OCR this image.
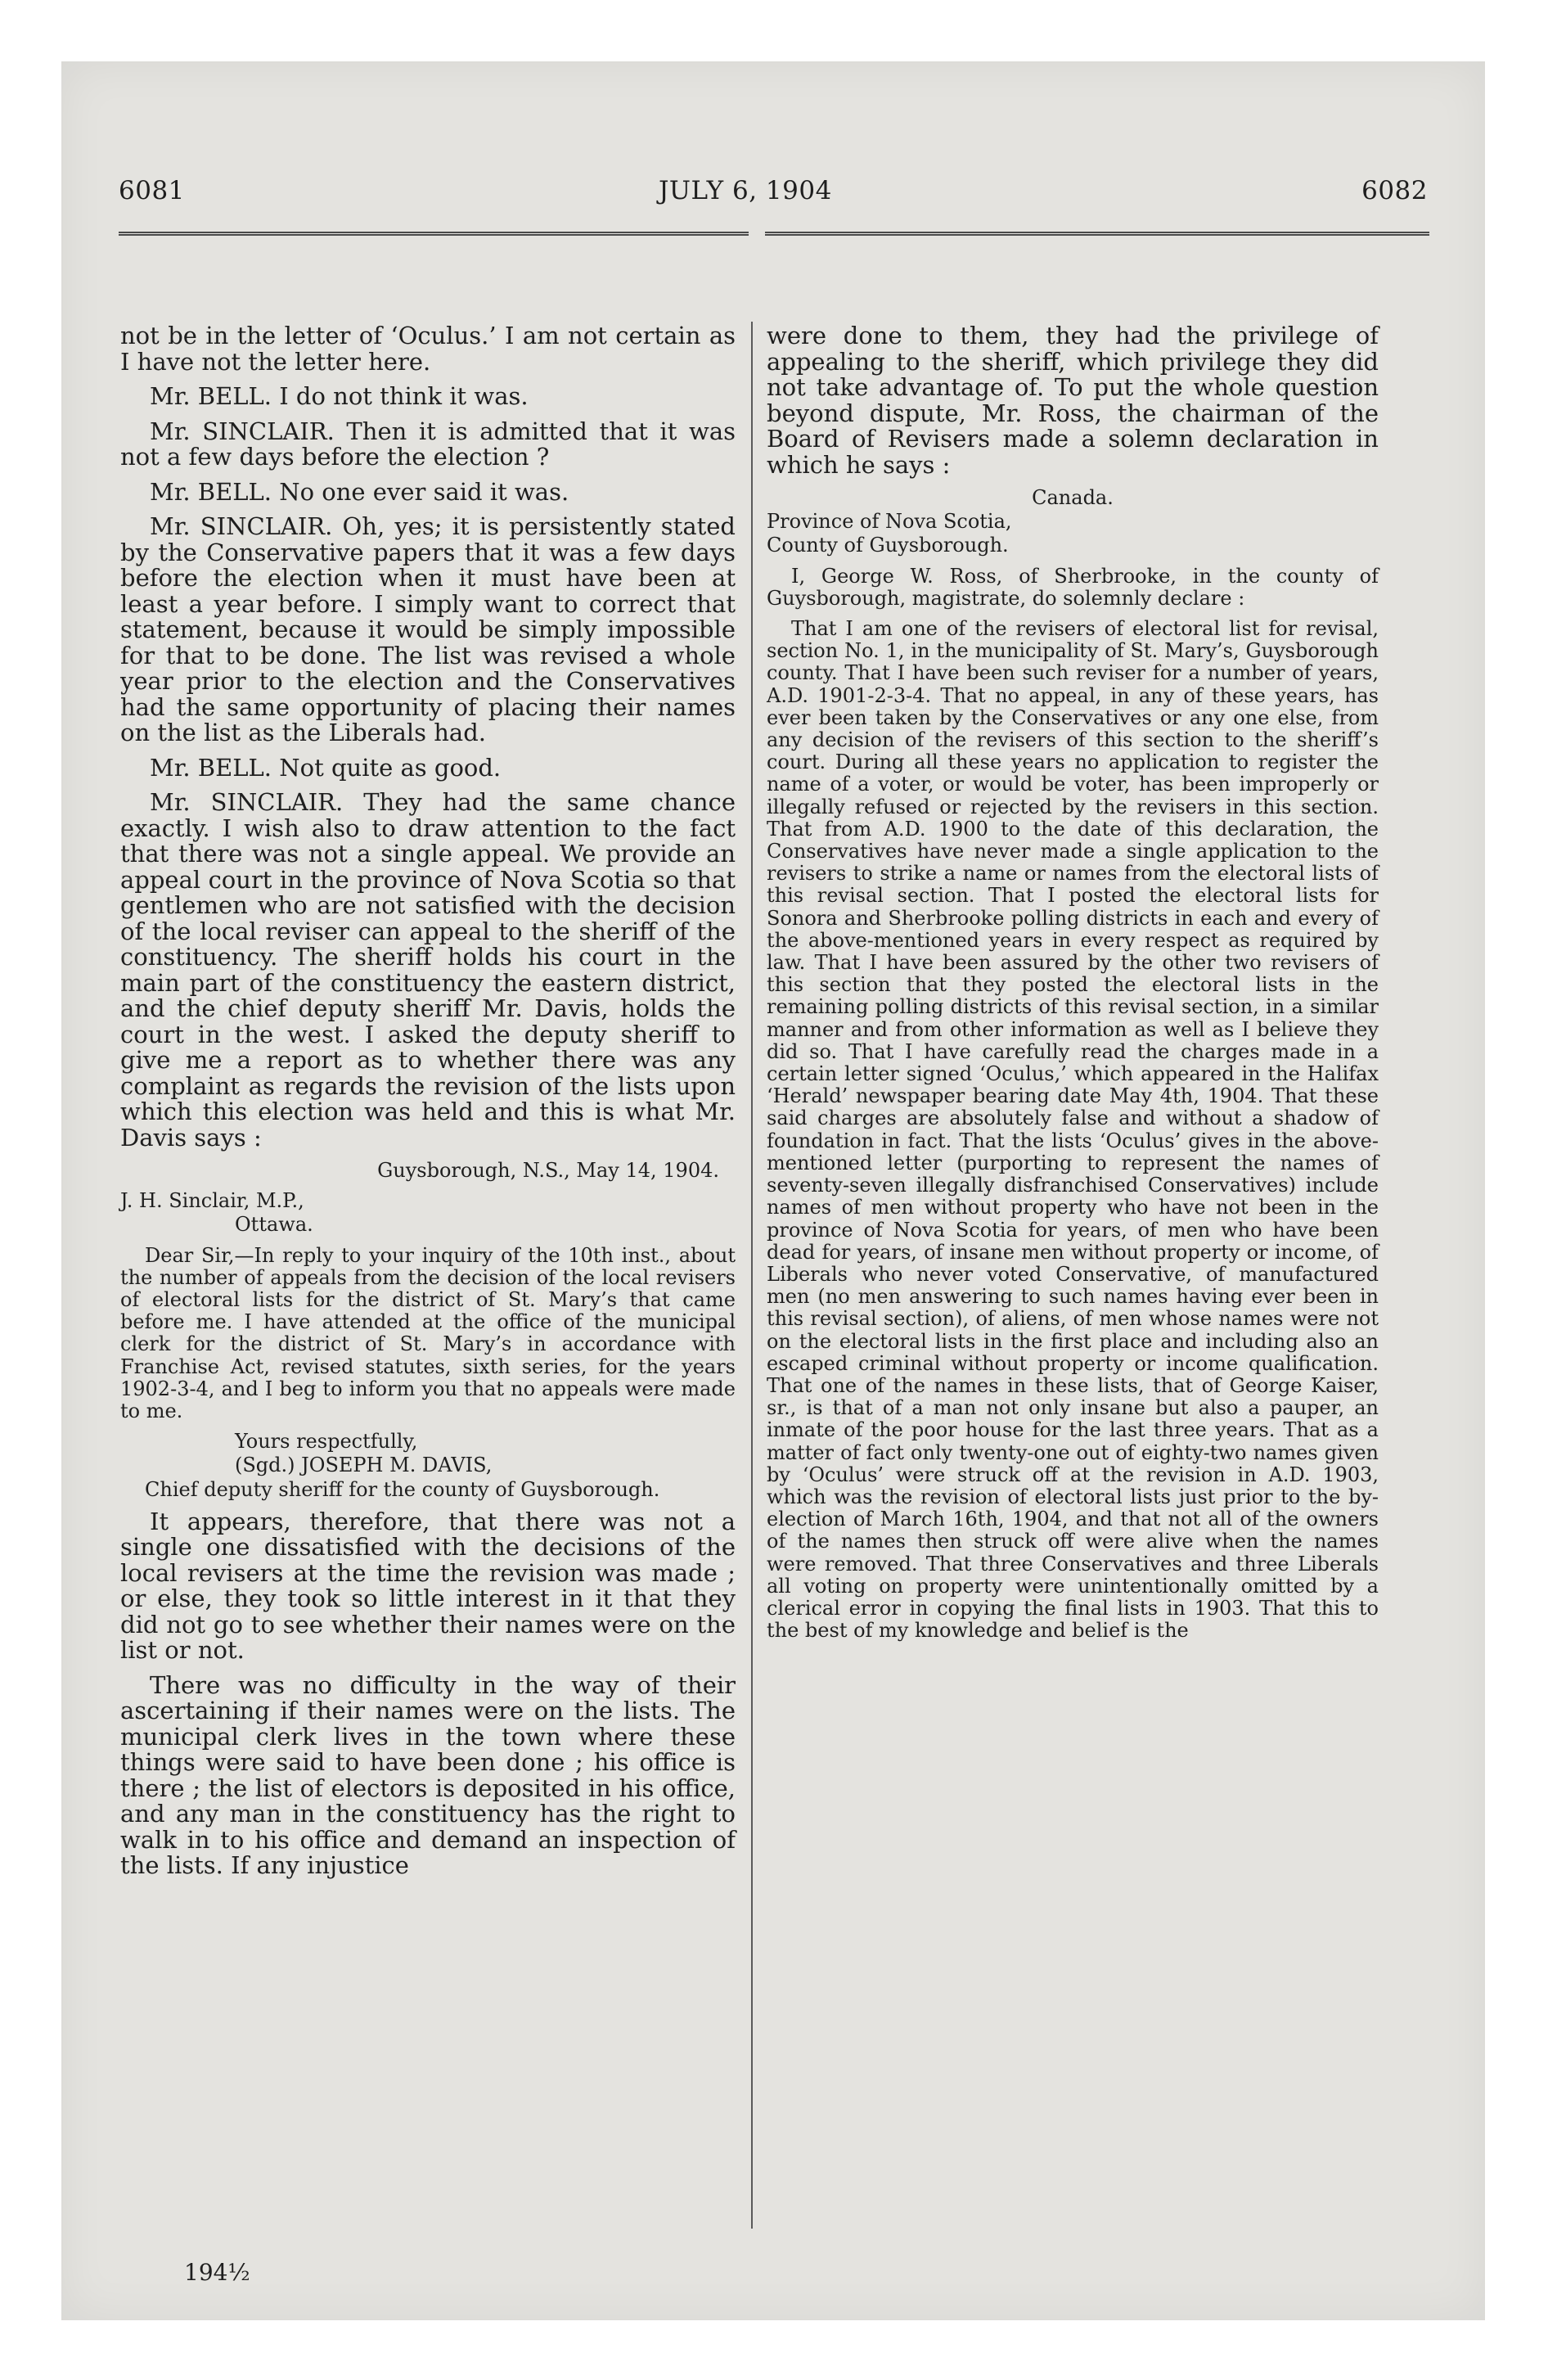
6081	JULY 6, 1904	6082

not be in the letter of ‘Oculus.’ I am not certain as I have not the letter here.

Mr. BELL. I do not think it was.

Mr. SINCLAIR. Then it is admitted that it was not a few days before the election ?

Mr. BELL. No one ever said it was.

Mr. SINCLAIR. Oh, yes; it is persistently stated by the Conservative papers that it was a few days before the election when it must have been at least a year before. I simply want to correct that statement, because it would be simply impossible for that to be done. The list was revised a whole year prior to the election and the Conservatives had the same opportunity of placing their names on the list as the Liberals had.

Mr. BELL. Not quite as good.

Mr. SINCLAIR. They had the same chance exactly. I wish also to draw attention to the fact that there was not a single appeal. We provide an appeal court in the province of Nova Scotia so that gentlemen who are not satisfied with the decision of the local reviser can appeal to the sheriff of the constituency. The sheriff holds his court in the main part of the constituency the eastern district, and the chief deputy sheriff Mr. Davis, holds the court in the west. I asked the deputy sheriff to give me a report as to whether there was any complaint as regards the revision of the lists upon which this election was held and this is what Mr. Davis says :

Guysborough, N.S., May 14, 1904.

J. H. Sinclair, M.P.,

Ottawa.

Dear Sir,—In reply to your inquiry of the 10th inst., about the number of appeals from the decision of the local revisers of electoral lists for the district of St. Mary’s that came before me. I have attended at the office of the municipal clerk for the district of St. Mary’s in accordance with Franchise Act, revised statutes, sixth series, for the years 1902-3-4, and I beg to inform you that no appeals were made to me.

Yours respectfully,

(Sgd.) JOSEPH M. DAVIS,

Chief deputy sheriff for the county of Guysborough.

It appears, therefore, that there was not a single one dissatisfied with the decisions of the local revisers at the time the revision was made ; or else, they took so little interest in it that they did not go to see whether their names were on the list or not.

There was no difficulty in the way of their ascertaining if their names were on the lists. The municipal clerk lives in the town where these things were said to have been done ; his office is there ; the list of electors is deposited in his office, and any man in the constituency has the right to walk in to his office and demand an inspection of the lists. If any injustice

194½

were done to them, they had the privilege of appealing to the sheriff, which privilege they did not take advantage of. To put the whole question beyond dispute, Mr. Ross, the chairman of the Board of Revisers made a solemn declaration in which he says :

Canada.

Province of Nova Scotia,

County of Guysborough.

I, George W. Ross, of Sherbrooke, in the county of Guysborough, magistrate, do solemnly declare :

That I am one of the revisers of electoral list for revisal, section No. 1, in the municipality of St. Mary’s, Guysborough county. That I have been such reviser for a number of years, A.D. 1901-2-3-4. That no appeal, in any of these years, has ever been taken by the Conservatives or any one else, from any decision of the revisers of this section to the sheriff’s court. During all these years no application to register the name of a voter, or would be voter, has been improperly or illegally refused or rejected by the revisers in this section. That from A.D. 1900 to the date of this declaration, the Conservatives have never made a single application to the revisers to strike a name or names from the electoral lists of this revisal section. That I posted the electoral lists for Sonora and Sherbrooke polling districts in each and every of the above-mentioned years in every respect as required by law. That I have been assured by the other two revisers of this section that they posted the electoral lists in the remaining polling districts of this revisal section, in a similar manner and from other information as well as I believe they did so. That I have carefully read the charges made in a certain letter signed ‘Oculus,’ which appeared in the Halifax ‘Herald’ newspaper bearing date May 4th, 1904. That these said charges are absolutely false and without a shadow of foundation in fact. That the lists ‘Oculus’ gives in the above-mentioned letter (purporting to represent the names of seventy-seven illegally disfranchised Conservatives) include names of men without property who have not been in the province of Nova Scotia for years, of men who have been dead for years, of insane men without property or income, of Liberals who never voted Conservative, of manufactured men (no men answering to such names having ever been in this revisal section), of aliens, of men whose names were not on the electoral lists in the first place and including also an escaped criminal without property or income qualification. That one of the names in these lists, that of George Kaiser, sr., is that of a man not only insane but also a pauper, an inmate of the poor house for the last three years. That as a matter of fact only twenty-one out of eighty-two names given by ‘Oculus’ were struck off at the revision in A.D. 1903, which was the revision of electoral lists just prior to the by-election of March 16th, 1904, and that not all of the owners of the names then struck off were alive when the names were removed. That three Conservatives and three Liberals all voting on property were unintentionally omitted by a clerical error in copying the final lists in 1903. That this to the best of my knowledge and belief is the
